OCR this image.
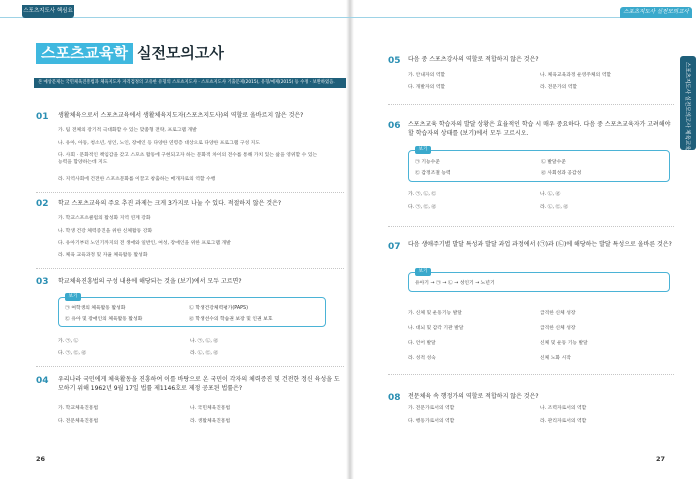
스포츠지도사 핵심요약집
스포츠지도사 실전모의고사
스포츠교육학 실전모의고사
본 예상문제는 국민체육진흥법과 체육지도자 자격검정의 고유한 유형의 스포츠지도사 · 스포츠지도사 기출문제(2015), 유형/예제(2015) 등 수정 · 보완하였음.
01 생활체육으로서 스포츠교육에서 생활체육지도자(스포츠지도사)의 역할로 올바르지 않은 것은?
가. 팀 전체의 장기적 극대화할 수 있는 맞춤형 전략, 프로그램 개발
나. 유아, 아동, 청소년, 성인, 노인, 장애인 등 다양한 연령층 대상으로 다양한 프로그램 구성 지도
다. 사회 · 문화적인 책임감을 갖고 스포츠 활동에 구현되고자 하는 문화적 차이의 전수를 통해 가치 있는 삶을 영위할 수 있는 능력을 함양하는데 지도
라. 지역사회에 건전한 스포츠문화를 이끌고 창출하는 매개자로의 역할 수행
02 학교 스포츠교육의 주요 추진 과제는 크게 3가지로 나눌 수 있다. 적절하지 않은 것은?
가. 학교스포츠클럽의 활성화 지역 연계 강화
나. 학생 건강 체력증진을 위한 신체활동 강화
다. 유아기부터 노인기까지의 전 생애와 일반인, 여성, 장애인을 위한 프로그램 개발
라. 체육 교육과정 및 자율 체육활동 활성화
03 학교체육진흥법의 구성 내용에 해당되는 것을 (보기)에서 모두 고르면?
보기
㉠ 여학생의 체육활동 활성화	㉡ 학생건강체력평가(PAPS)
㉢ 유아 및 장애인의 체육활동 활성화	㉣ 학생선수의 학습권 보장 및 인권 보호
가. ㉠, ㉡	나. ㉠, ㉡, ㉣
다. ㉠, ㉢, ㉣	라. ㉡, ㉢, ㉣
04 우리나라 국민에게 체육활동을 진흥하여 이를 바탕으로 온 국민이 각자의 체력증진 및 건전한 정신 육성을 도모하기 위해 1962년 9월 17일 법률 제1146호로 제정 공포된 법률은?
가. 학교체육진흥법	나. 국민체육진흥법
다. 전문체육진흥법	라. 생활체육진흥법
26
05 다음 중 스포츠강사의 역할로 적합하지 않은 것은?
가. 안내자의 역할	나. 체육교육과정 운영주체의 역할
다. 개발자의 역할	라. 전문가의 역할
06 스포츠교육 학습자의 발달 상황은 효율적인 학습 시 매우 중요하다. 다음 중 스포츠교육자가 고려해야할 학습자의 상태를 (보기)에서 모두 고르시오.
보기
㉠ 기능수준	㉡ 발달수준
㉢ 감정조절 능력	㉣ 사회성과 공감성
가. ㉠, ㉡, ㉢	나. ㉡, ㉣
다. ㉠, ㉢, ㉣	라. ㉡, ㉢, ㉣
07 다음 생애주기별 발달 특성과 발달 과업 과정에서 (㉠)과 (㉡)에 해당하는 발달 특성으로 올바른 것은?
보기
유아기 → ㉠ → ㉡ → 성인기 → 노년기
가. 신체 및 운동기능 발달	급격한 신체 성장
나. 대뇌 및 감각 기관 발달	급격한 신체 성장
다. 언어 발달	신체 및 운동 기능 발달
라. 성적 성숙	신체 노화 시작
08 전문체육 속 행정가의 역할로 적합하지 않은 것은?
가. 전문가로서의 역할	나. 조력자로서의 역할
다. 행동가로서의 역할	라. 관리자로서의 역할
27
스포츠지도사 실전모의고사 체육교육학 기출
